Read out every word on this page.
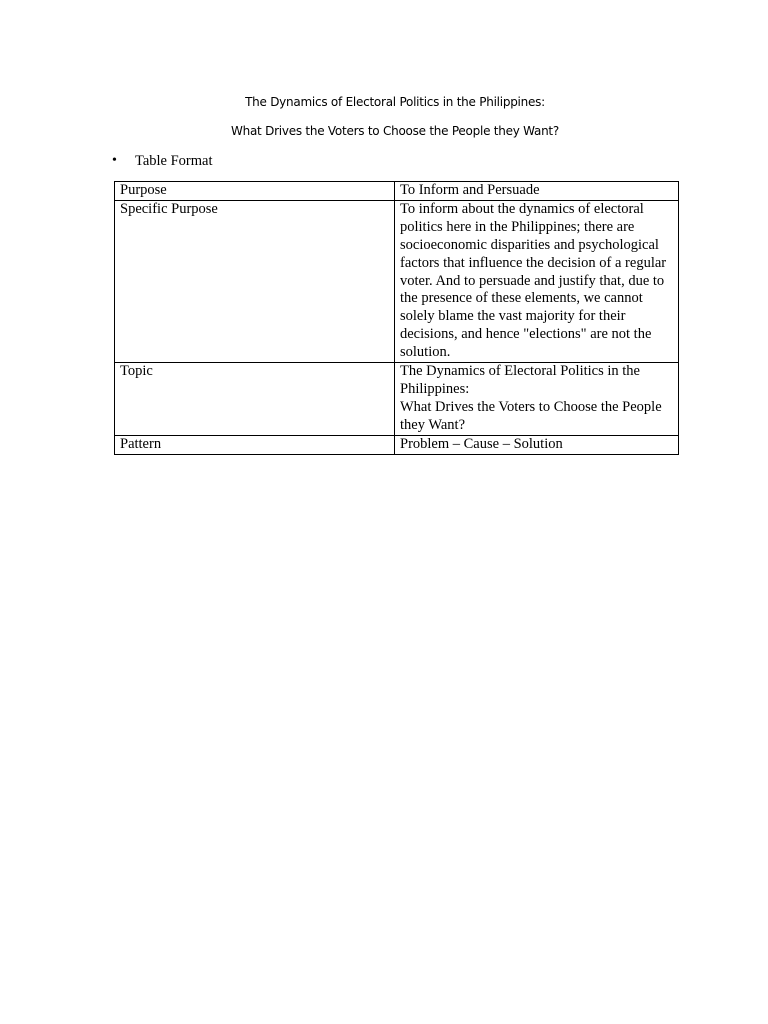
The Dynamics of Electoral Politics in the Philippines:
What Drives the Voters to Choose the People they Want?
• Table Format
Purpose	To Inform and Persuade
Specific Purpose	To inform about the dynamics of electoral politics here in the Philippines; there are socioeconomic disparities and psychological factors that influence the decision of a regular voter. And to persuade and justify that, due to the presence of these elements, we cannot solely blame the vast majority for their decisions, and hence "elections" are not the solution.
Topic	The Dynamics of Electoral Politics in the Philippines:
What Drives the Voters to Choose the People they Want?

Pattern	Problem – Cause – Solution
